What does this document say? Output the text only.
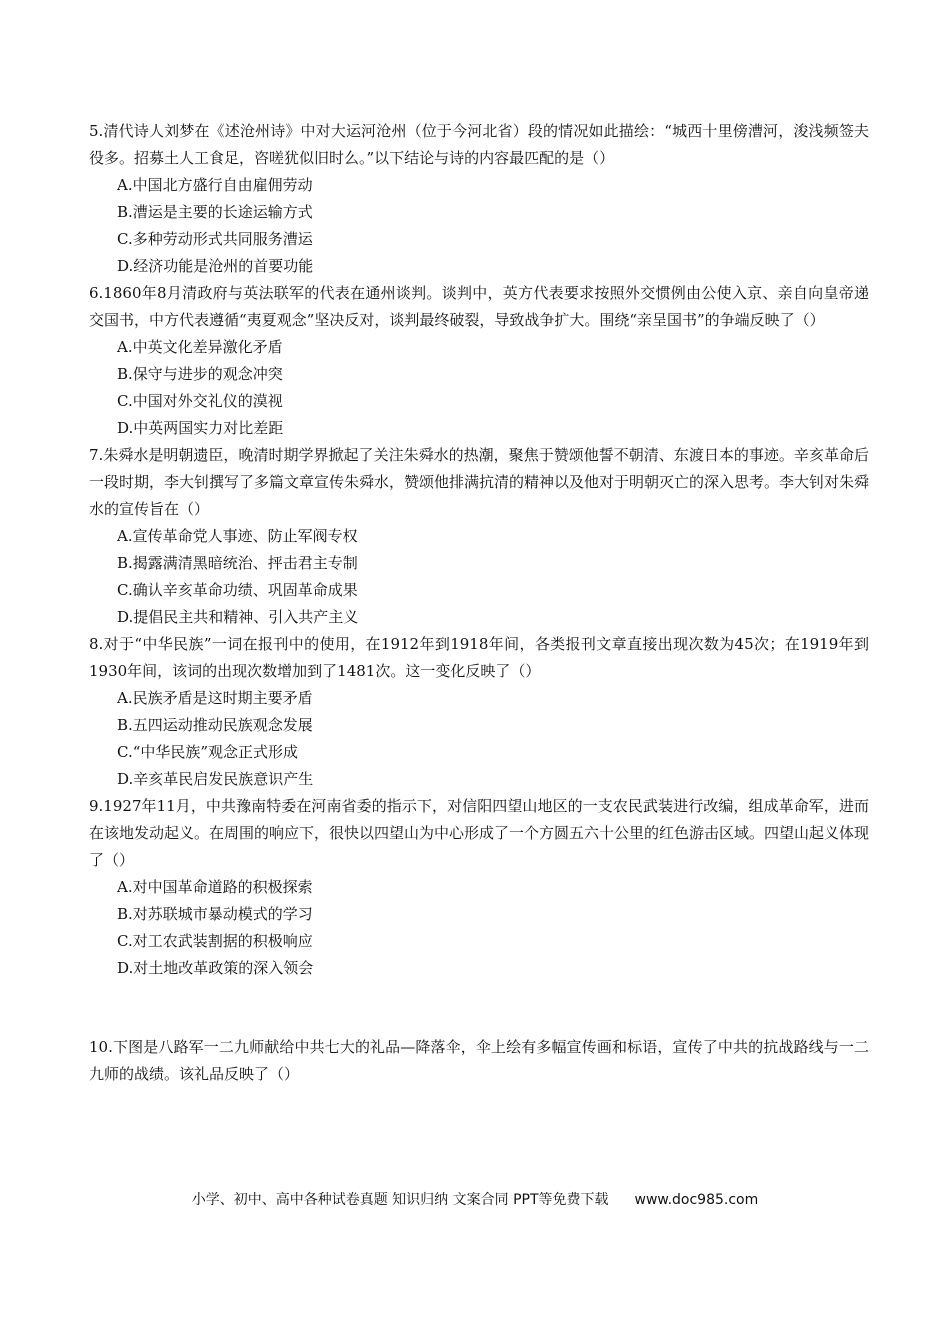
5.清代诗人刘梦在《述沧州诗》中对大运河沧州（位于今河北省）段的情况如此描绘：“城西十里傍漕河，浚浅频签夫役多。招募土人工食足，咨嗟犹似旧时么。”以下结论与诗的内容最匹配的是（）

A.中国北方盛行自由雇佣劳动

B.漕运是主要的长途运输方式

C.多种劳动形式共同服务漕运

D.经济功能是沧州的首要功能

6.1860年8月清政府与英法联军的代表在通州谈判。谈判中，英方代表要求按照外交惯例由公使入京、亲自向皇帝递交国书，中方代表遵循“夷夏观念”坚决反对，谈判最终破裂，导致战争扩大。围绕“亲呈国书”的争端反映了（）

A.中英文化差异激化矛盾

B.保守与进步的观念冲突

C.中国对外交礼仪的漠视

D.中英两国实力对比差距

7.朱舜水是明朝遗臣，晚清时期学界掀起了关注朱舜水的热潮，聚焦于赞颂他誓不朝清、东渡日本的事迹。辛亥革命后一段时期，李大钊撰写了多篇文章宣传朱舜水，赞颂他排满抗清的精神以及他对于明朝灭亡的深入思考。李大钊对朱舜水的宣传旨在（）

A.宣传革命党人事迹、防止军阀专权

B.揭露满清黑暗统治、抨击君主专制

C.确认辛亥革命功绩、巩固革命成果

D.提倡民主共和精神、引入共产主义

8.对于“中华民族”一词在报刊中的使用，在1912年到1918年间，各类报刊文章直接出现次数为45次；在1919年到1930年间，该词的出现次数增加到了1481次。这一变化反映了（）

A.民族矛盾是这时期主要矛盾

B.五四运动推动民族观念发展

C.“中华民族”观念正式形成

D.辛亥革民启发民族意识产生

9.1927年11月，中共豫南特委在河南省委的指示下，对信阳四望山地区的一支农民武装进行改编，组成革命军，进而在该地发动起义。在周围的响应下，很快以四望山为中心形成了一个方圆五六十公里的红色游击区域。四望山起义体现了（）

A.对中国革命道路的积极探索

B.对苏联城市暴动模式的学习

C.对工农武装割据的积极响应

D.对土地改革政策的深入领会

10.下图是八路军一二九师献给中共七大的礼品—降落伞，伞上绘有多幅宣传画和标语，宣传了中共的抗战路线与一二九师的战绩。该礼品反映了（）

小学、初中、高中各种试卷真题 知识归纳 文案合同 PPT等免费下载 www.doc985.com
